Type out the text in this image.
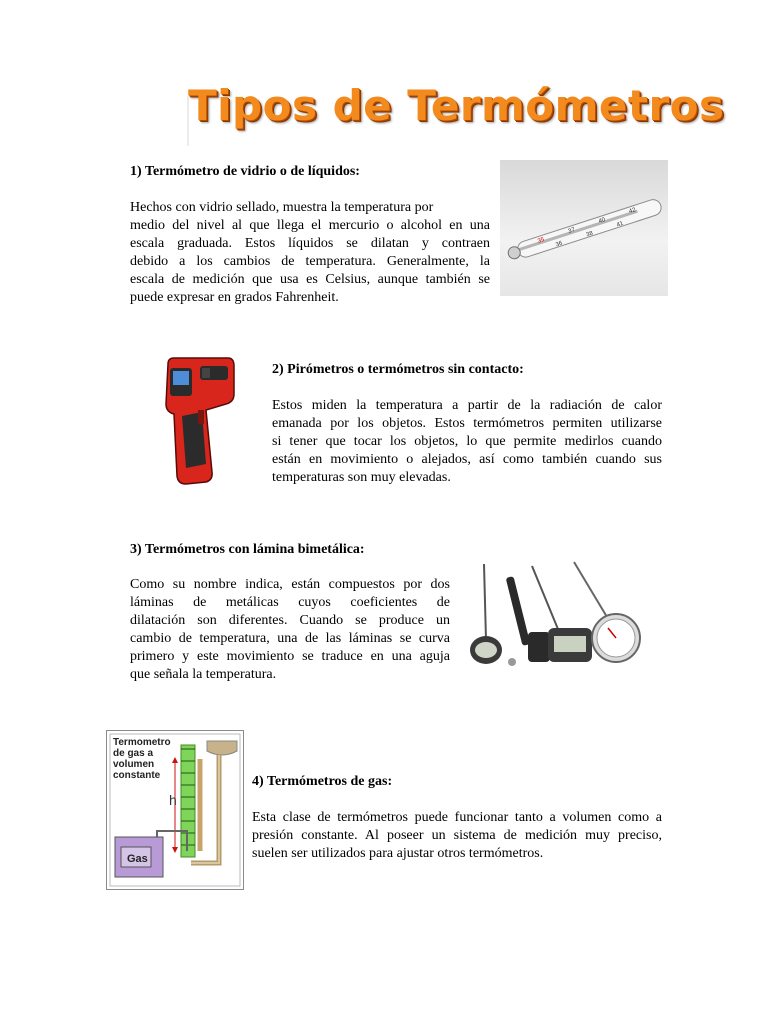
Tipos de Termómetros
1) Termómetro de vidrio o de líquidos:
Hechos con vidrio sellado, muestra la temperatura por
medio del nivel al que llega el mercurio o alcohol en una
escala graduada. Estos líquidos se dilatan y contraen
debido a los cambios de temperatura. Generalmente, la
escala de medición que usa es Celsius, aunque también se
puede expresar en grados Fahrenheit.
35 36
37 38
40 41
42
2) Pirómetros o termómetros sin contacto:
Estos miden la temperatura a partir de la radiación de calor
emanada por los objetos. Estos termómetros permiten utilizarse
si tener que tocar los objetos, lo que permite medirlos cuando
están en movimiento o alejados, así como también cuando sus
temperaturas son muy elevadas.
3) Termómetros con lámina bimetálica:
Como su nombre indica, están compuestos por dos
láminas de metálicas cuyos coeficientes de
dilatación son diferentes. Cuando se produce un
cambio de temperatura, una de las láminas se curva
primero y este movimiento se traduce en una aguja
que señala la temperatura.
Termometro
de gas a
volumen
constante
h
Gas
4) Termómetros de gas:
Esta clase de termómetros puede funcionar tanto a volumen como a
presión constante. Al poseer un sistema de medición muy preciso,
suelen ser utilizados para ajustar otros termómetros.
